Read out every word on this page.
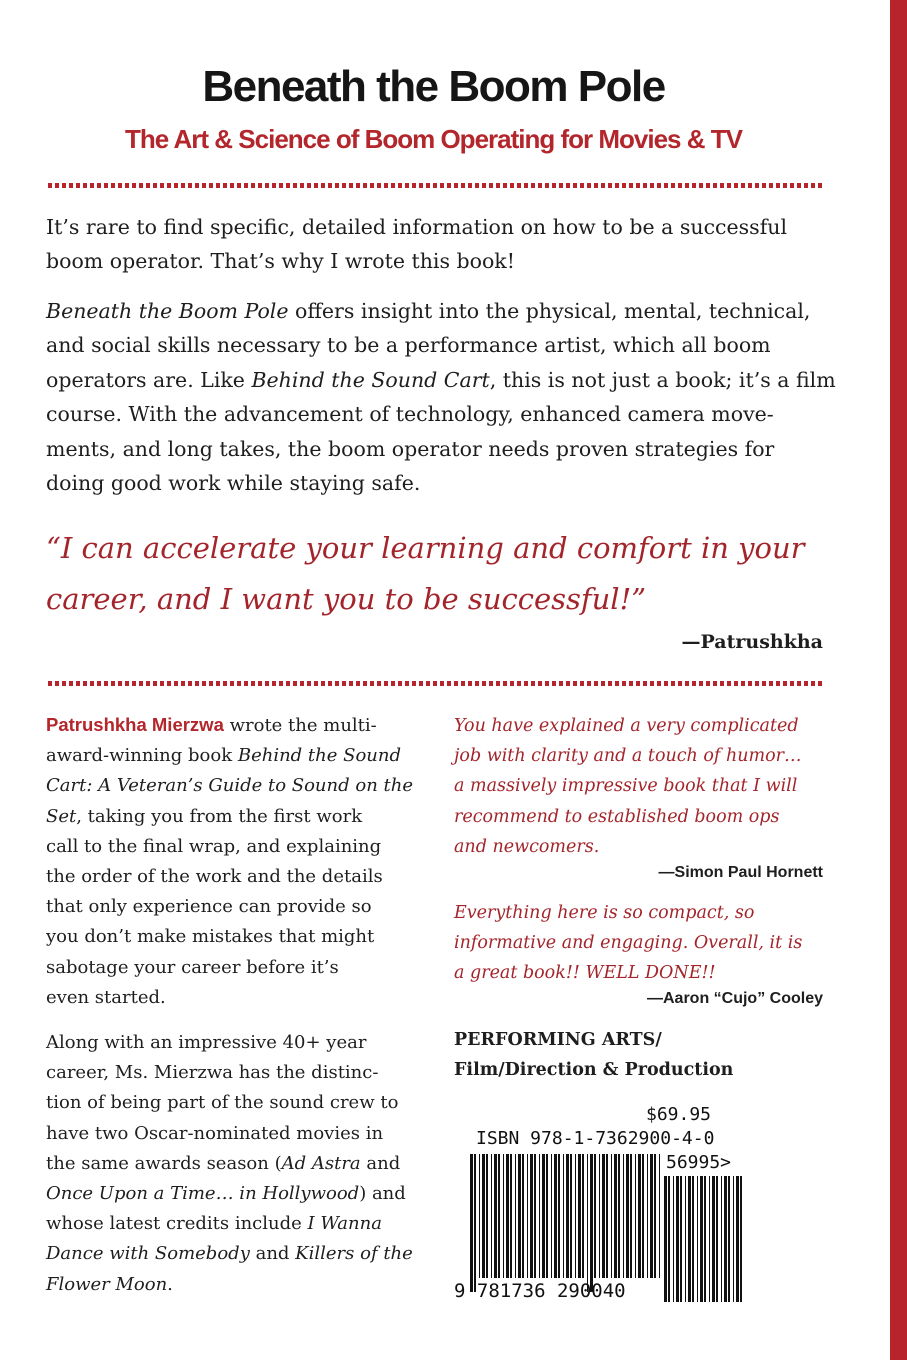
Beneath the Boom Pole
The Art & Science of Boom Operating for Movies & TV
It’s rare to find specific, detailed information on how to be a successful
boom operator. That’s why I wrote this book!
Beneath the Boom Pole offers insight into the physical, mental, technical,
and social skills necessary to be a performance artist, which all boom
operators are. Like Behind the Sound Cart, this is not just a book; it’s a film
course. With the advancement of technology, enhanced camera move-
ments, and long takes, the boom operator needs proven strategies for
doing good work while staying safe.
“I can accelerate your learning and comfort in your
career, and I want you to be successful!”

—Patrushkha

Patrushkha Mierzwa wrote the multi-
award-winning book Behind the Sound
Cart: A Veteran’s Guide to Sound on the
Set, taking you from the first work
call to the final wrap, and explaining
the order of the work and the details
that only experience can provide so
you don’t make mistakes that might
sabotage your career before it’s
even started.
Along with an impressive 40+ year
career, Ms. Mierzwa has the distinc-
tion of being part of the sound crew to
have two Oscar-nominated movies in
the same awards season (Ad Astra and
Once Upon a Time… in Hollywood) and
whose latest credits include I Wanna
Dance with Somebody and Killers of the
Flower Moon.
You have explained a very complicated
job with clarity and a touch of humor…
a massively impressive book that I will
recommend to established boom ops
and newcomers.

—Simon Paul Hornett

Everything here is so compact, so
informative and engaging. Overall, it is
a great book!! WELL DONE!!

—Aaron “Cujo” Cooley

PERFORMING ARTS/
Film/Direction & Production

$69.95

ISBN 978-1-7362900-4-0

56995>

9 781736 290040
